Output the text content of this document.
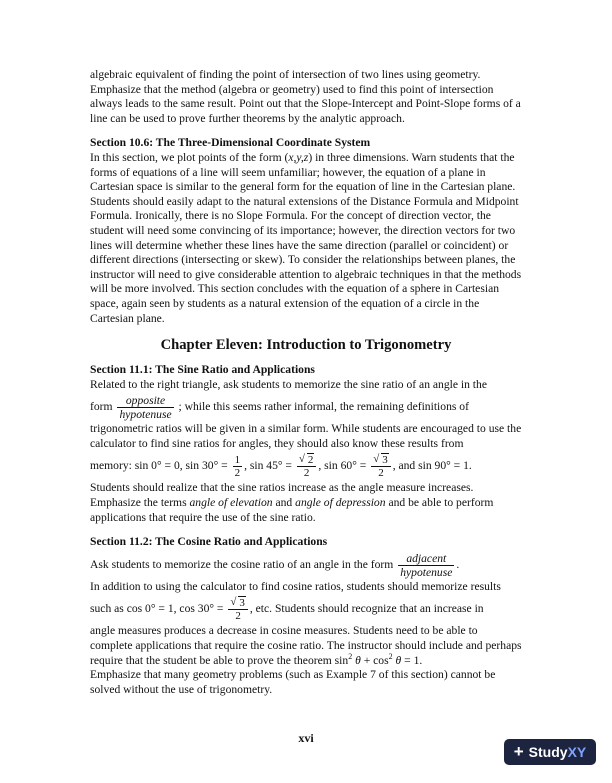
algebraic equivalent of finding the point of intersection of two lines using geometry. Emphasize that the method (algebra or geometry) used to find this point of intersection always leads to the same result. Point out that the Slope-Intercept and Point-Slope forms of a line can be used to prove further theorems by the analytic approach.

Section 10.6: The Three-Dimensional Coordinate System

In this section, we plot points of the form (x,y,z) in three dimensions. Warn students that the forms of equations of a line will seem unfamiliar; however, the equation of a plane in Cartesian space is similar to the general form for the equation of line in the Cartesian plane. Students should easily adapt to the natural extensions of the Distance Formula and Midpoint Formula. Ironically, there is no Slope Formula. For the concept of direction vector, the student will need some convincing of its importance; however, the direction vectors for two lines will determine whether these lines have the same direction (parallel or coincident) or different directions (intersecting or skew). To consider the relationships between planes, the instructor will need to give considerable attention to algebraic techniques in that the methods will be more involved. This section concludes with the equation of a sphere in Cartesian space, again seen by students as a natural extension of the equation of a circle in the Cartesian plane.

Chapter Eleven: Introduction to Trigonometry

Section 11.1: The Sine Ratio and Applications

Related to the right triangle, ask students to memorize the sine ratio of an angle in the

form $\frac{\text{opposite}}{\text{hypotenuse}}$ ; while this seems rather informal, the remaining definitions of

trigonometric ratios will be given in a similar form. While students are encouraged to use the calculator to find sine ratios for angles, they should also know these results from

memory: sin 0° = 0, $\sin 30^\circ = \frac{1}{2}$ , $\sin 45^\circ = \frac{√ 2}{2}$ , $\sin 60^\circ = \frac{√ 3}{2}$ , and sin 90° = 1.

Students should realize that the sine ratios increase as the angle measure increases. Emphasize the terms angle of elevation and angle of depression and be able to perform applications that require the use of the sine ratio.

Section 11.2: The Cosine Ratio and Applications

Ask students to memorize the cosine ratio of an angle in the form $\frac{\text{adjacent}}{\text{hypotenuse}}$ .

In addition to using the calculator to find cosine ratios, students should memorize results

such as cos 0° = 1, $\cos 30^\circ = \frac{√ 3}{2}$ , etc. Students should recognize that an increase in

angle measures produces a decrease in cosine measures. Students need to be able to complete applications that require the cosine ratio. The instructor should include and perhaps require that the student be able to prove the theorem $\sin^2 \theta + \cos^2 \theta = 1$.

Emphasize that many geometry problems (such as Example 7 of this section) cannot be solved without the use of trigonometry.

xvi
+ Study XY
